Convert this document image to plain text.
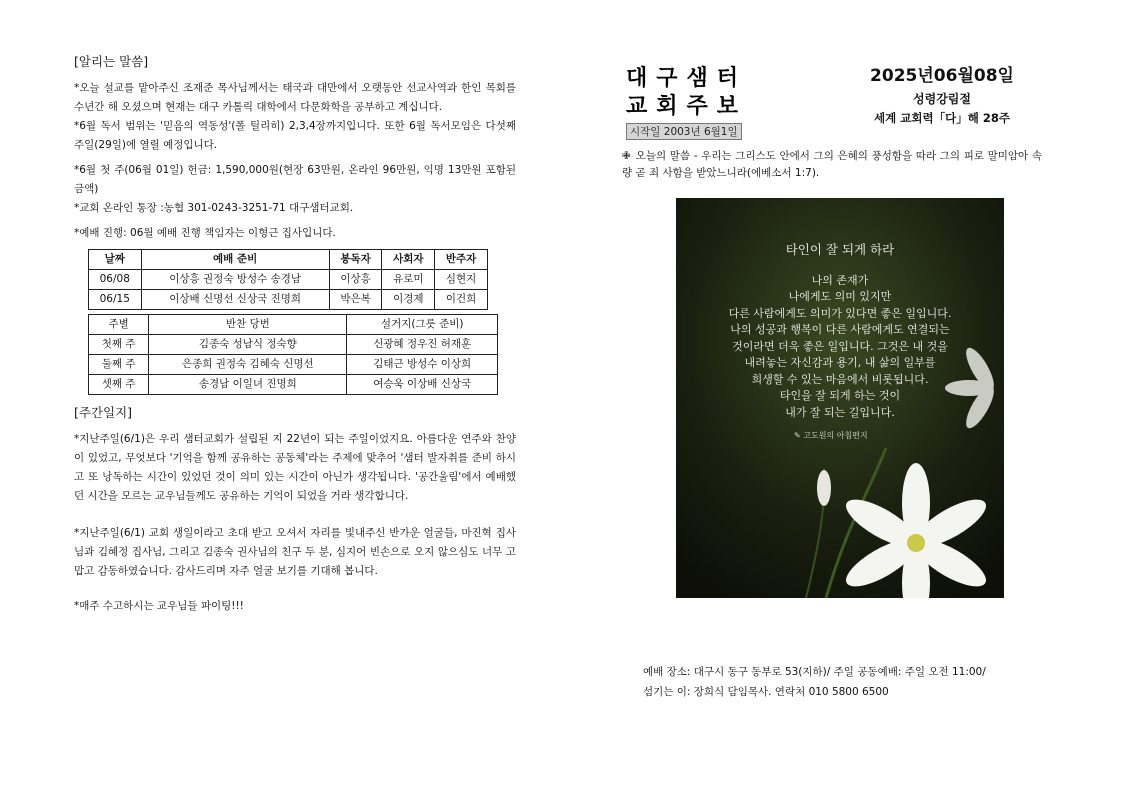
[알리는 말씀]

*오늘 설교를 맡아주신 조재준 목사님께서는 태국과 대만에서 오랫동안 선교사역과 한인 목회를 수년간 해 오셨으며 현재는 대구 카톨릭 대학에서 다문화학을 공부하고 계십니다.

*6월 독서 범위는 '믿음의 역동성'(폴 틸리히) 2,3,4장까지입니다. 또한 6월 독서모임은 다섯째 주일(29일)에 열릴 예정입니다.

*6월 첫 주(06월 01일) 헌금: 1,590,000원(현장 63만원, 온라인 96만원, 익명 13만원 포함된 금액)

*교회 온라인 통장 :농협 301-0243-3251-71 대구샘터교회.

*예배 진행: 06월 예배 진행 책임자는 이형근 집사입니다.

날짜	예배 준비	봉독자	사회자	반주자
06/08	이상흥 권정숙 방성수 송경남	이상흥	유로미	심현지
06/15	이상배 신명선 신상국 진명희	박은복	이경제	이건희
주별	반찬 당번	설거지(그릇 준비)
첫째 주	김종숙 성남식 정숙향	신광혜 정우진 허재훈
둘째 주	은종희 권정숙 김혜숙 신명선	김태근 방성수 이상희
셋째 주	송경남 이일녀 진명희	여승욱 이상배 신상국
[주간일지]

*지난주일(6/1)은 우리 샘터교회가 설립된 지 22년이 되는 주일이었지요. 아름다운 연주와 찬양이 있었고, 무엇보다 '기억을 함께 공유하는 공동체'라는 주제에 맞추어 '샘터 발자취를 준비 하시고 또 낭독하는 시간이 있었던 것이 의미 있는 시간이 아닌가 생각됩니다. '공간울림'에서 예배했던 시간을 모르는 교우님들께도 공유하는 기억이 되었을 거라 생각합니다.

*지난주일(6/1) 교회 생일이라고 초대 받고 오셔서 자리를 빛내주신 반가운 얼굴들, 마진혁 집사님과 김혜정 집사님, 그리고 김종숙 권사님의 친구 두 분, 심지어 빈손으로 오지 않으심도 너무 고맙고 감동하였습니다. 감사드리며 자주 얼굴 보기를 기대해 봅니다.

*매주 수고하시는 교우님들 파이팅!!!

대구샘터
교회주보
시작일 2003년 6월1일
2025년06월08일
성령강림절
세계 교회력「다」해 28주
✙ 오늘의 말씀 - 우리는 그리스도 안에서 그의 은혜의 풍성함을 따라 그의 피로 말미암아 속량 곧 죄 사함을 받았느니라(에베소서 1:7).
타인이 잘 되게 하라
나의 존재가
나에게도 의미 있지만
다른 사람에게도 의미가 있다면 좋은 일입니다.
나의 성공과 행복이 다른 사람에게도 연결되는
것이라면 더욱 좋은 일입니다. 그것은 내 것을
내려놓는 자신감과 용기, 내 삶의 일부를
희생할 수 있는 마음에서 비롯됩니다.
타인을 잘 되게 하는 것이
내가 잘 되는 길입니다.
✎ 고도원의 아침편지
예배 장소: 대구시 동구 동부로 53(지하)/ 주일 공동예배: 주일 오전 11:00/
섬기는 이: 장희식 담임목사. 연락처 010 5800 6500
